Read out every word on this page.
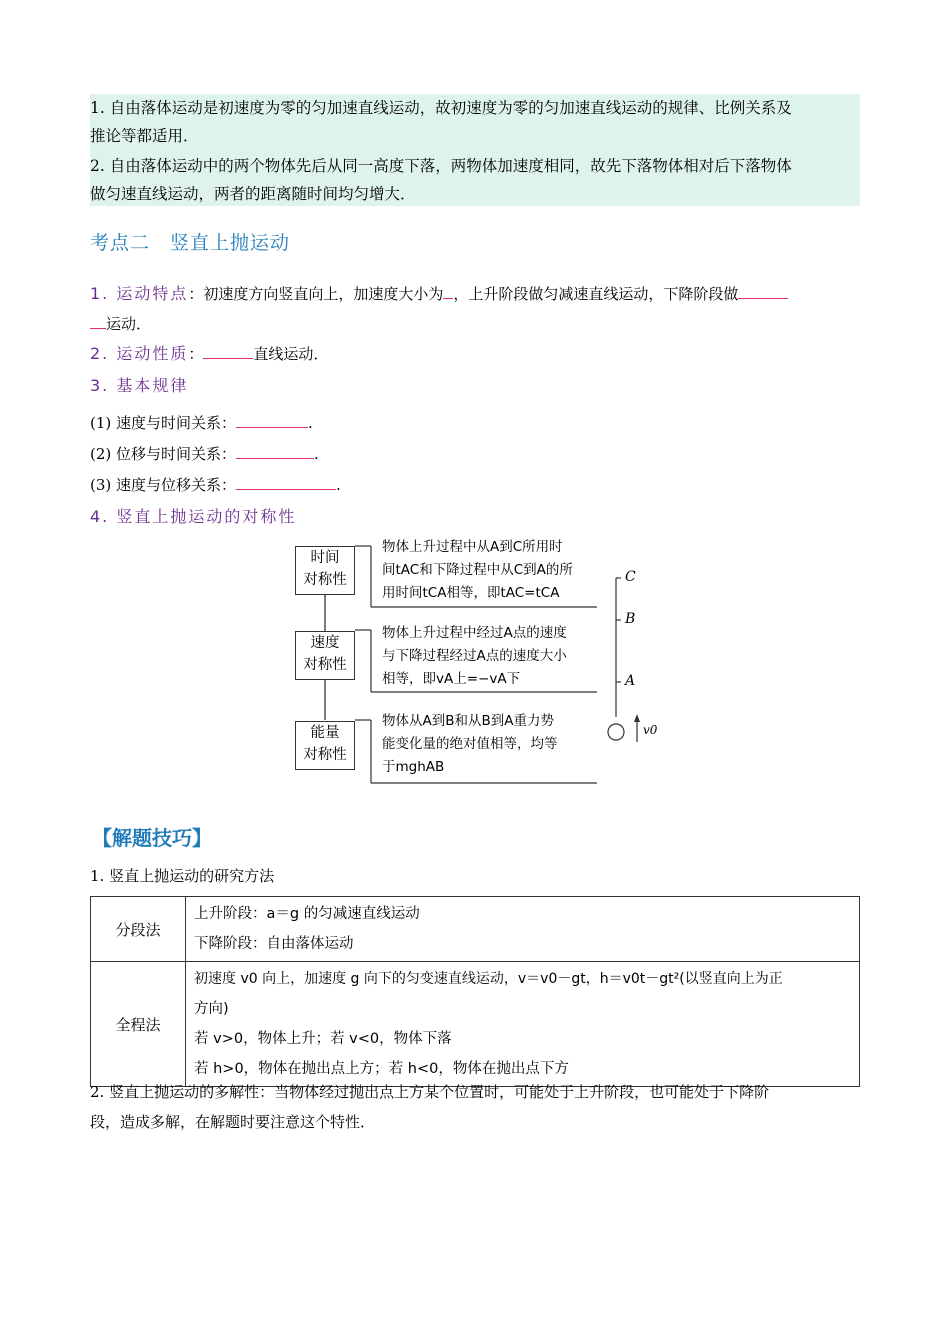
1. 自由落体运动是初速度为零的匀加速直线运动，故初速度为零的匀加速直线运动的规律、比例关系及
推论等都适用．
2. 自由落体运动中的两个物体先后从同一高度下落，两物体加速度相同，故先下落物体相对后下落物体
做匀速直线运动，两者的距离随时间均匀增大．
考点二　竖直上抛运动
1. 运动特点：初速度方向竖直向上，加速度大小为 ，上升阶段做匀减速直线运动，下降阶段做
运动．
2. 运动性质：	直线运动．
3. 基本规律
(1) 速度与时间关系：	.
(2) 位移与时间关系：	.
(3) 速度与位移关系：	.
4. 竖直上抛运动的对称性
时间
对称性
速度
对称性
能量
对称性
物体上升过程中从A到C所用时
间tAC和下降过程中从C到A的所
用时间tCA相等，即tAC=tCA
物体上升过程中经过A点的速度
与下降过程经过A点的速度大小
相等，即vA上=−vA下
物体从A到B和从B到A重力势
能变化量的绝对值相等，均等
于mghAB
C
B
A
v0
【解题技巧】
1. 竖直上抛运动的研究方法
分段法	上升阶段：a＝g 的匀减速直线运动
下降阶段：自由落体运动

全程法	初速度 v0 向上，加速度 g 向下的匀变速直线运动，v＝v0－gt，h＝v0t－gt²(以竖直向上为正
方向)
若 v>0，物体上升；若 v<0，物体下落
若 h>0，物体在抛出点上方；若 h<0，物体在抛出点下方
2. 竖直上抛运动的多解性：当物体经过抛出点上方某个位置时，可能处于上升阶段，也可能处于下降阶
段，造成多解，在解题时要注意这个特性．
